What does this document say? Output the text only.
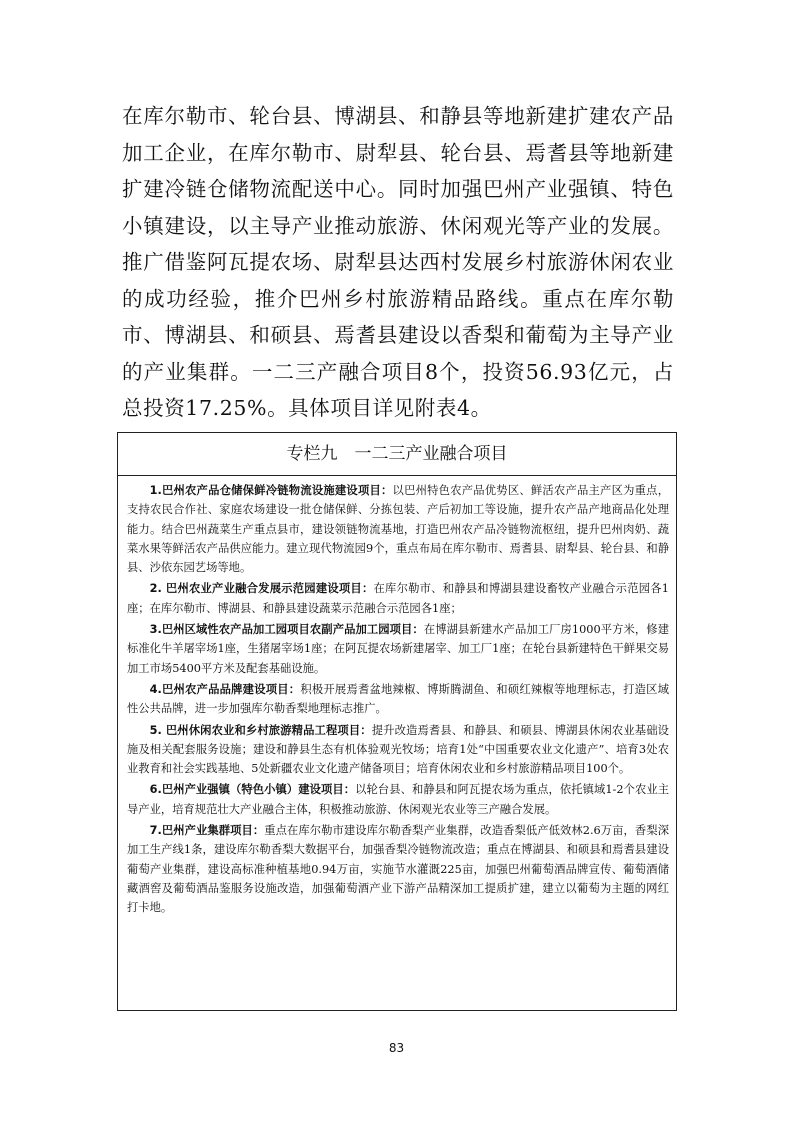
在库尔勒市、轮台县、博湖县、和静县等地新建扩建农产品加工企业，在库尔勒市、尉犁县、轮台县、焉耆县等地新建扩建冷链仓储物流配送中心。同时加强巴州产业强镇、特色小镇建设，以主导产业推动旅游、休闲观光等产业的发展。推广借鉴阿瓦提农场、尉犁县达西村发展乡村旅游休闲农业的成功经验，推介巴州乡村旅游精品路线。重点在库尔勒市、博湖县、和硕县、焉耆县建设以香梨和葡萄为主导产业的产业集群。一二三产融合项目8个，投资56.93亿元，占总投资17.25%。具体项目详见附表4。

专栏九　一二三产业融合项目

1.巴州农产品仓储保鲜冷链物流设施建设项目：以巴州特色农产品优势区、鲜活农产品主产区为重点，支持农民合作社、家庭农场建设一批仓储保鲜、分拣包装、产后初加工等设施，提升农产品产地商品化处理能力。结合巴州蔬菜生产重点县市，建设领链物流基地，打造巴州农产品冷链物流枢纽，提升巴州肉奶、蔬菜水果等鲜活农产品供应能力。建立现代物流园9个，重点布局在库尔勒市、焉耆县、尉犁县、轮台县、和静县、沙依东园艺场等地。

2. 巴州农业产业融合发展示范园建设项目：在库尔勒市、和静县和博湖县建设畜牧产业融合示范园各1座；在库尔勒市、博湖县、和静县建设蔬菜示范融合示范园各1座；

3.巴州区域性农产品加工园项目农副产品加工园项目：在博湖县新建水产品加工厂房1000平方米，修建标准化牛羊屠宰场1座，生猪屠宰场1座；在阿瓦提农场新建屠宰、加工厂1座；在轮台县新建特色干鲜果交易加工市场5400平方米及配套基础设施。

4.巴州农产品品牌建设项目：积极开展焉耆盆地辣椒、博斯腾湖鱼、和硕红辣椒等地理标志，打造区域性公共品牌，进一步加强库尔勒香梨地理标志推广。

5. 巴州休闲农业和乡村旅游精品工程项目：提升改造焉耆县、和静县、和硕县、博湖县休闲农业基础设施及相关配套服务设施；建设和静县生态有机体验观光牧场；培育1处“中国重要农业文化遗产”、培育3处农业教育和社会实践基地、5处新疆农业文化遗产储备项目；培育休闲农业和乡村旅游精品项目100个。

6.巴州产业强镇（特色小镇）建设项目：以轮台县、和静县和阿瓦提农场为重点，依托镇域1-2个农业主导产业，培育规范壮大产业融合主体，积极推动旅游、休闲观光农业等三产融合发展。

7.巴州产业集群项目：重点在库尔勒市建设库尔勒香梨产业集群，改造香梨低产低效林2.6万亩，香梨深加工生产线1条，建设库尔勒香梨大数据平台，加强香梨冷链物流改造；重点在博湖县、和硕县和焉耆县建设葡萄产业集群，建设高标准种植基地0.94万亩，实施节水灌溉225亩，加强巴州葡萄酒品牌宣传、葡萄酒储藏酒窖及葡萄酒品鉴服务设施改造，加强葡萄酒产业下游产品精深加工提质扩建，建立以葡萄为主题的网红打卡地。

83
